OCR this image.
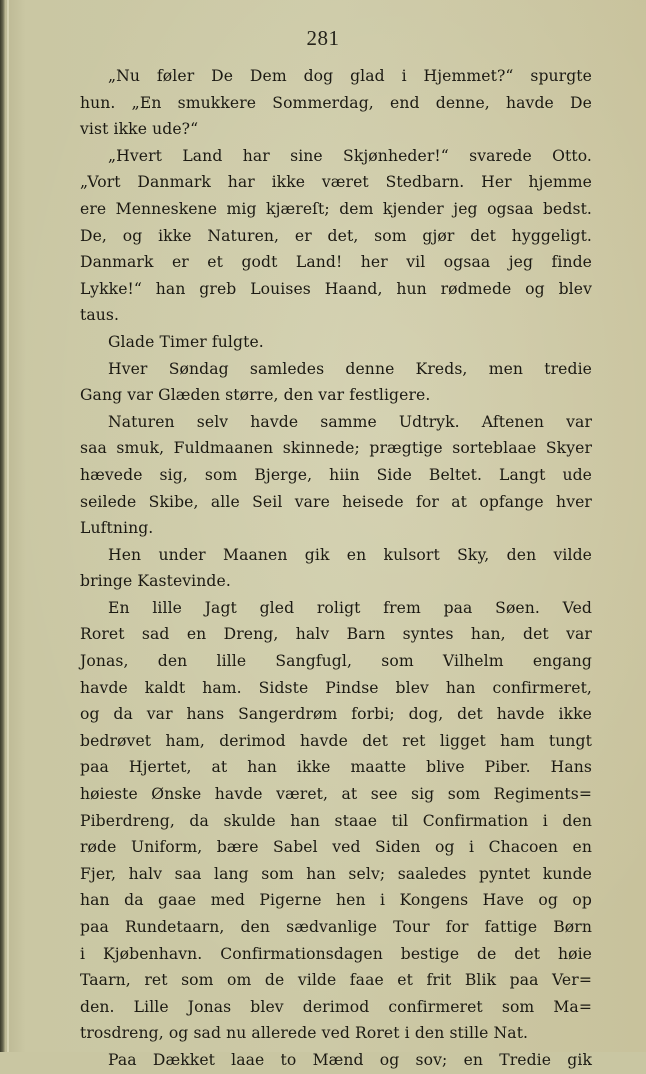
281
„Nu føler De Dem dog glad i Hjemmet?“ spurgte
hun. „En smukkere Sommerdag, end denne, havde De
vist ikke ude?“
„Hvert Land har sine Skjønheder!“ svarede Otto.
„Vort Danmark har ikke været Stedbarn. Her hjemme
ere Menneskene mig kjæreſt; dem kjender jeg ogsaa bedst.
De, og ikke Naturen, er det, som gjør det hyggeligt.
Danmark er et godt Land! her vil ogsaa jeg finde
Lykke!“ han greb Louises Haand, hun rødmede og blev
taus.
Glade Timer fulgte.
Hver Søndag samledes denne Kreds, men tredie
Gang var Glæden større, den var festligere.
Naturen selv havde samme Udtryk. Aftenen var
saa smuk, Fuldmaanen skinnede; prægtige sorteblaae Skyer
hævede sig, som Bjerge, hiin Side Beltet. Langt ude
seilede Skibe, alle Seil vare heisede for at opfange hver
Luftning.
Hen under Maanen gik en kulsort Sky, den vilde
bringe Kastevinde.
En lille Jagt gled roligt frem paa Søen. Ved
Roret sad en Dreng, halv Barn syntes han, det var
Jonas, den lille Sangfugl, som Vilhelm engang
havde kaldt ham. Sidste Pindse blev han confirmeret,
og da var hans Sangerdrøm forbi; dog, det havde ikke
bedrøvet ham, derimod havde det ret ligget ham tungt
paa Hjertet, at han ikke maatte blive Piber. Hans
høieste Ønske havde været, at see sig som Regiments=
Piberdreng, da skulde han staae til Confirmation i den
røde Uniform, bære Sabel ved Siden og i Chacoen en
Fjer, halv saa lang som han selv; saaledes pyntet kunde
han da gaae med Pigerne hen i Kongens Have og op
paa Rundetaarn, den sædvanlige Tour for fattige Børn
i Kjøbenhavn. Confirmationsdagen bestige de det høie
Taarn, ret som om de vilde faae et frit Blik paa Ver=
den. Lille Jonas blev derimod confirmeret som Ma=
trosdreng, og sad nu allerede ved Roret i den stille Nat.
Paa Dækket laae to Mænd og sov; en Tredie gik
